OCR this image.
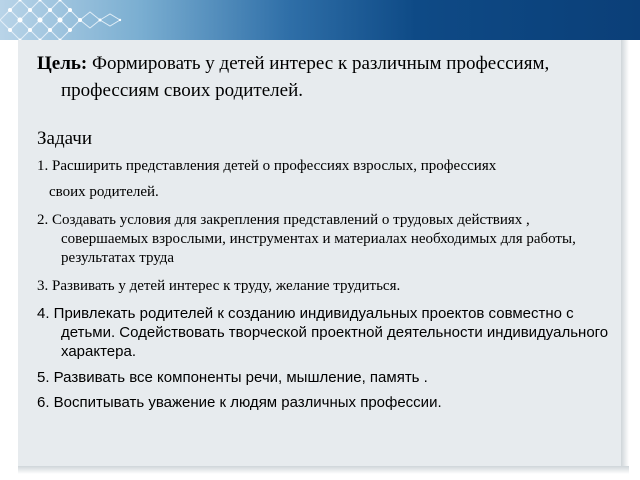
Цель: Формировать у детей интерес к различным профессиям, профессиям своих родителей.
Задачи
1. Расширить представления детей о профессиях взрослых, профессиях
своих родителей.
2. Создавать условия для закрепления представлений о трудовых действиях , совершаемых взрослыми, инструментах и материалах необходимых для работы, результатах труда
3. Развивать у детей интерес к труду, желание трудиться.
4. Привлекать родителей к созданию индивидуальных проектов совместно с детьми. Содействовать творческой проектной деятельности индивидуального характера.
5. Развивать все компоненты речи, мышление, память .
6. Воспитывать уважение к людям различных профессии.
